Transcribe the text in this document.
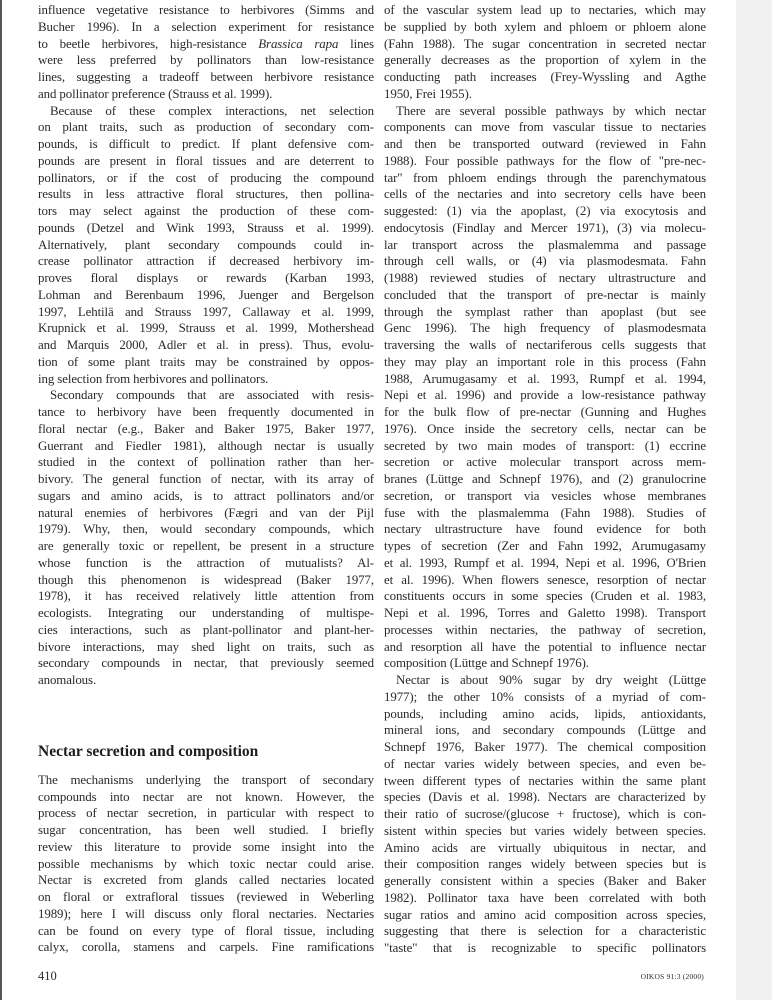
influence vegetative resistance to herbivores (Simms and
Bucher 1996). In a selection experiment for resistance
to beetle herbivores, high-resistance Brassica rapa lines
were less preferred by pollinators than low-resistance
lines, suggesting a tradeoff between herbivore resistance
and pollinator preference (Strauss et al. 1999).
Because of these complex interactions, net selection
on plant traits, such as production of secondary com-
pounds, is difficult to predict. If plant defensive com-
pounds are present in floral tissues and are deterrent to
pollinators, or if the cost of producing the compound
results in less attractive floral structures, then pollina-
tors may select against the production of these com-
pounds (Detzel and Wink 1993, Strauss et al. 1999).
Alternatively, plant secondary compounds could in-
crease pollinator attraction if decreased herbivory im-
proves floral displays or rewards (Karban 1993,
Lohman and Berenbaum 1996, Juenger and Bergelson
1997, Lehtilä and Strauss 1997, Callaway et al. 1999,
Krupnick et al. 1999, Strauss et al. 1999, Mothershead
and Marquis 2000, Adler et al. in press). Thus, evolu-
tion of some plant traits may be constrained by oppos-
ing selection from herbivores and pollinators.
Secondary compounds that are associated with resis-
tance to herbivory have been frequently documented in
floral nectar (e.g., Baker and Baker 1975, Baker 1977,
Guerrant and Fiedler 1981), although nectar is usually
studied in the context of pollination rather than her-
bivory. The general function of nectar, with its array of
sugars and amino acids, is to attract pollinators and/or
natural enemies of herbivores (Fægri and van der Pijl
1979). Why, then, would secondary compounds, which
are generally toxic or repellent, be present in a structure
whose function is the attraction of mutualists? Al-
though this phenomenon is widespread (Baker 1977,
1978), it has received relatively little attention from
ecologists. Integrating our understanding of multispe-
cies interactions, such as plant-pollinator and plant-her-
bivore interactions, may shed light on traits, such as
secondary compounds in nectar, that previously seemed
anomalous.
Nectar secretion and composition
The mechanisms underlying the transport of secondary
compounds into nectar are not known. However, the
process of nectar secretion, in particular with respect to
sugar concentration, has been well studied. I briefly
review this literature to provide some insight into the
possible mechanisms by which toxic nectar could arise.
Nectar is excreted from glands called nectaries located
on floral or extrafloral tissues (reviewed in Weberling
1989); here I will discuss only floral nectaries. Nectaries
can be found on every type of floral tissue, including
calyx, corolla, stamens and carpels. Fine ramifications
of the vascular system lead up to nectaries, which may
be supplied by both xylem and phloem or phloem alone
(Fahn 1988). The sugar concentration in secreted nectar
generally decreases as the proportion of xylem in the
conducting path increases (Frey-Wyssling and Agthe
1950, Frei 1955).
There are several possible pathways by which nectar
components can move from vascular tissue to nectaries
and then be transported outward (reviewed in Fahn
1988). Four possible pathways for the flow of "pre-nec-
tar" from phloem endings through the parenchymatous
cells of the nectaries and into secretory cells have been
suggested: (1) via the apoplast, (2) via exocytosis and
endocytosis (Findlay and Mercer 1971), (3) via molecu-
lar transport across the plasmalemma and passage
through cell walls, or (4) via plasmodesmata. Fahn
(1988) reviewed studies of nectary ultrastructure and
concluded that the transport of pre-nectar is mainly
through the symplast rather than apoplast (but see
Genc 1996). The high frequency of plasmodesmata
traversing the walls of nectariferous cells suggests that
they may play an important role in this process (Fahn
1988, Arumugasamy et al. 1993, Rumpf et al. 1994,
Nepi et al. 1996) and provide a low-resistance pathway
for the bulk flow of pre-nectar (Gunning and Hughes
1976). Once inside the secretory cells, nectar can be
secreted by two main modes of transport: (1) eccrine
secretion or active molecular transport across mem-
branes (Lüttge and Schnepf 1976), and (2) granulocrine
secretion, or transport via vesicles whose membranes
fuse with the plasmalemma (Fahn 1988). Studies of
nectary ultrastructure have found evidence for both
types of secretion (Zer and Fahn 1992, Arumugasamy
et al. 1993, Rumpf et al. 1994, Nepi et al. 1996, O'Brien
et al. 1996). When flowers senesce, resorption of nectar
constituents occurs in some species (Cruden et al. 1983,
Nepi et al. 1996, Torres and Galetto 1998). Transport
processes within nectaries, the pathway of secretion,
and resorption all have the potential to influence nectar
composition (Lüttge and Schnepf 1976).
Nectar is about 90% sugar by dry weight (Lüttge
1977); the other 10% consists of a myriad of com-
pounds, including amino acids, lipids, antioxidants,
mineral ions, and secondary compounds (Lüttge and
Schnepf 1976, Baker 1977). The chemical composition
of nectar varies widely between species, and even be-
tween different types of nectaries within the same plant
species (Davis et al. 1998). Nectars are characterized by
their ratio of sucrose/(glucose + fructose), which is con-
sistent within species but varies widely between species.
Amino acids are virtually ubiquitous in nectar, and
their composition ranges widely between species but is
generally consistent within a species (Baker and Baker
1982). Pollinator taxa have been correlated with both
sugar ratios and amino acid composition across species,
suggesting that there is selection for a characteristic
"taste" that is recognizable to specific pollinators
410	OIKOS 91:3 (2000)
